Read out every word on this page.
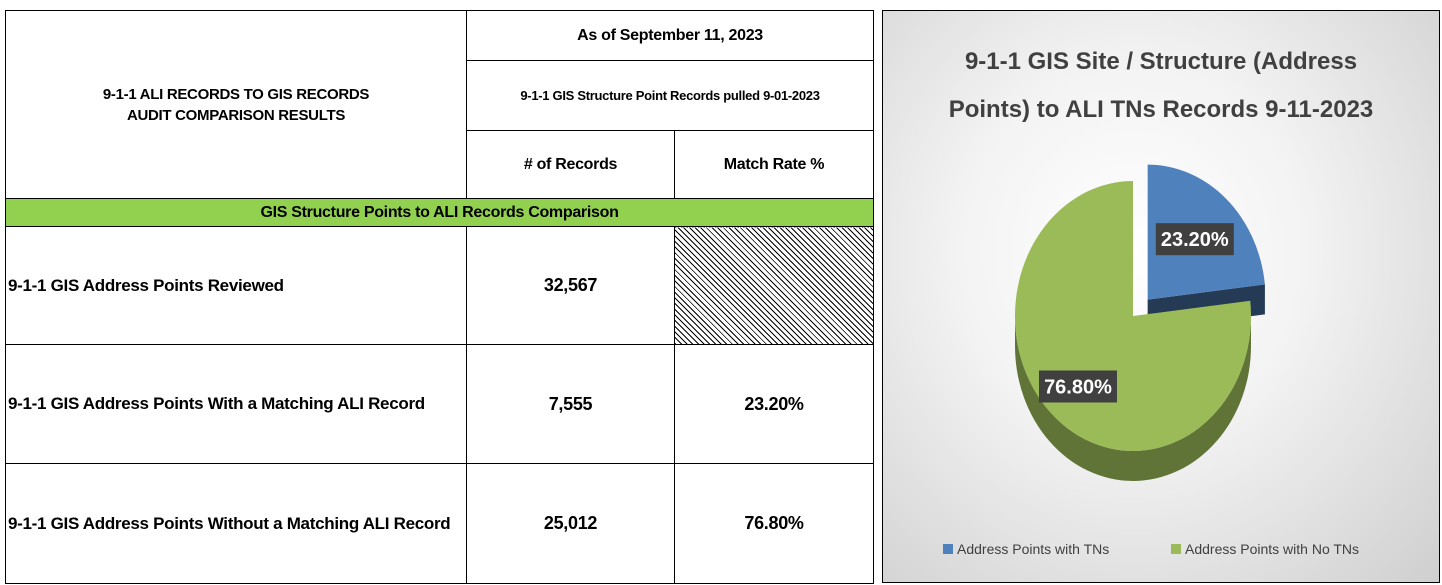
9-1-1 ALI RECORDS TO GIS RECORDS
AUDIT COMPARISON RESULTS	As of September 11, 2023	
	9-1-1 GIS Structure Point Records pulled 9-01-2023	
	# of Records	Match Rate %
GIS Structure Points to ALI Records Comparison		
9-1-1 GIS Address Points Reviewed	32,567	
9-1-1 GIS Address Points With a Matching ALI Record	7,555	23.20%
9-1-1 GIS Address Points Without a Matching ALI Record	25,012	76.80%
9-1-1 GIS Site / Structure (Address
Points) to ALI TNs Records 9-11-2023
23.20%
76.80%
Address Points with TNs	Address Points with No TNs
